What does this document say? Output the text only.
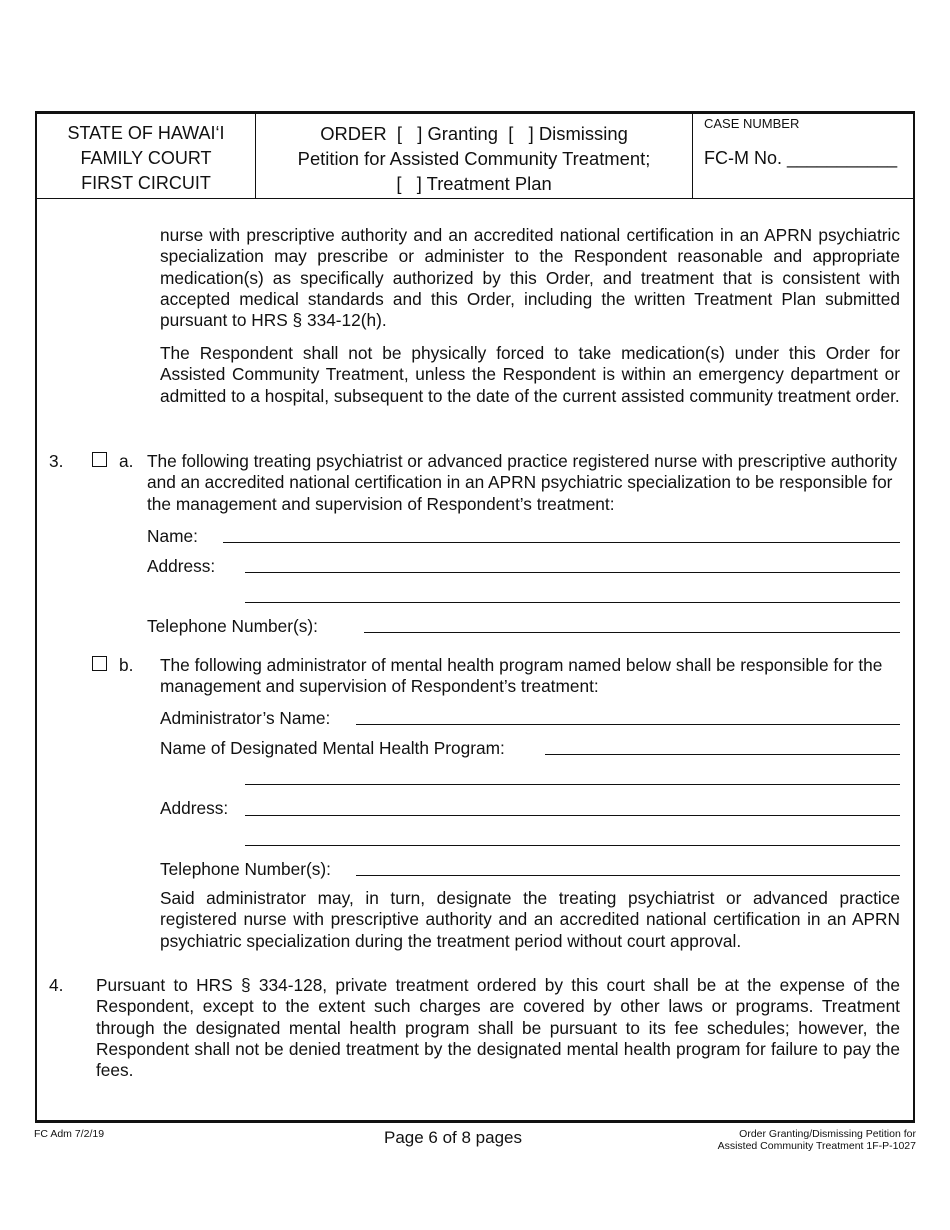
STATE OF HAWAI‘I
FAMILY COURT
FIRST CIRCUIT
ORDER  [   ] Granting  [   ] Dismissing
Petition for Assisted Community Treatment;
[   ] Treatment Plan
CASE NUMBER
FC-M No. ___________

nurse with prescriptive authority and an accredited national certification in an APRN psychiatric specialization may prescribe or administer to the Respondent reasonable and appropriate medication(s) as specifically authorized by this Order, and treatment that is consistent with accepted medical standards and this Order, including the written Treatment Plan submitted pursuant to HRS § 334-12(h).

The Respondent shall not be physically forced to take medication(s) under this Order for Assisted Community Treatment, unless the Respondent is within an emergency department or admitted to a hospital, subsequent to the date of the current assisted community treatment order.

3.	a. The following treating psychiatrist or advanced practice registered nurse with prescriptive authority and an accredited national certification in an APRN psychiatric specialization to be responsible for the management and supervision of Respondent’s treatment:

Name:
Address:
Telephone Number(s):
b. The following administrator of mental health program named below shall be responsible for the management and supervision of Respondent’s treatment:

Administrator’s Name:
Name of Designated Mental Health Program:
Address:
Telephone Number(s):

Said administrator may, in turn, designate the treating psychiatrist or advanced practice registered nurse with prescriptive authority and an accredited national certification in an APRN psychiatric specialization during the treatment period without court approval.

4. Pursuant to HRS § 334-128, private treatment ordered by this court shall be at the expense of the Respondent, except to the extent such charges are covered by other laws or programs. Treatment through the designated mental health program shall be pursuant to its fee schedules; however, the Respondent shall not be denied treatment by the designated mental health program for failure to pay the fees.

FC Adm 7/2/19	Page 6 of 8 pages	Order Granting/Dismissing Petition for
Assisted Community Treatment 1F-P-1027
